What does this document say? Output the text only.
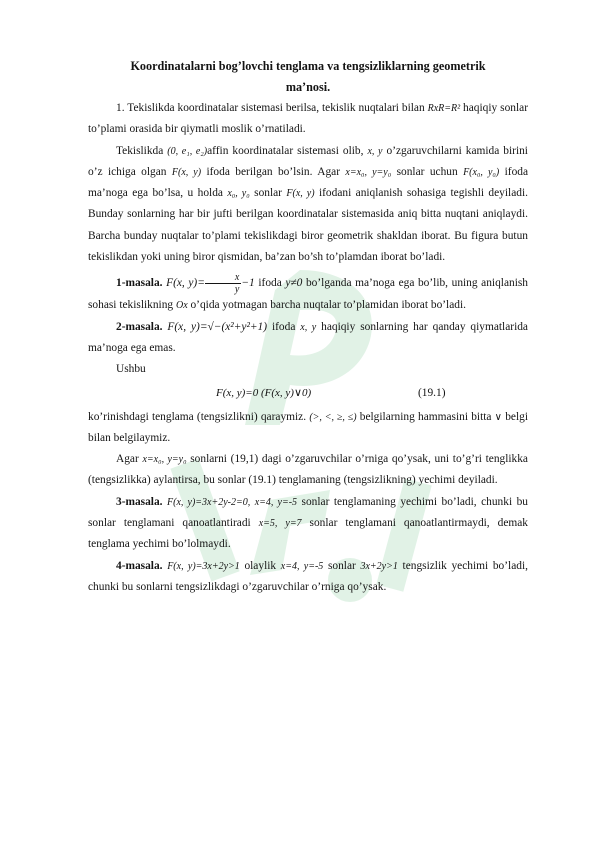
Koordinatalarni bog’lovchi tenglama va tengsizliklarning geometrik

ma’nosi.

1. Tekislikda koordinatalar sistemasi berilsa, tekislik nuqtalari bilan RxR=R² haqiqiy sonlar to’plami orasida bir qiymatli moslik o’rnatiladi.

Tekislikda (0, e₁, e₂)affin koordinatalar sistemasi olib, x, y o’zgaruvchilarni kamida birini o’z ichiga olgan F(x, y) ifoda berilgan bo’lsin. Agar x=x₀, y=y₀ sonlar uchun F(x₀, y₀) ifoda ma’noga ega bo’lsa, u holda x₀, y₀ sonlar F(x, y) ifodani aniqlanish sohasiga tegishli deyiladi. Bunday sonlarning har bir jufti berilgan koordinatalar sistemasida aniq bitta nuqtani aniqlaydi. Barcha bunday nuqtalar to’plami tekislikdagi biror geometrik shakldan iborat. Bu figura butun tekislikdan yoki uning biror qismidan, ba’zan bo’sh to’plamdan iborat bo’ladi.

1-masala. F(x, $y)= \frac{x}{y} -1$ ifoda y≠0 bo’lganda ma’noga ega bo’lib, uning aniqlanish sohasi tekislikning Ox o’qida yotmagan barcha nuqtalar to’plamidan iborat bo’ladi.

2-masala. F(x, y)=√−(x²+y²+1) ifoda x, y haqiqiy sonlarning har qanday qiymatlarida ma’noga ega emas.

Ushbu

F(x, y)=0 (F(x, y)∨0)	(19.1)

ko’rinishdagi tenglama (tengsizlikni) qaraymiz. (>, <, ≥, ≤) belgilarning hammasini bitta ∨ belgi bilan belgilaymiz.

Agar x=x₀, y=y₀ sonlarni (19,1) dagi o’zgaruvchilar o’rniga qo’ysak, uni to’g’ri tenglikka (tengsizlikka) aylantirsa, bu sonlar (19.1) tenglamaning (tengsizlikning) yechimi deyiladi.

3-masala. F(x, y)=3x+2y-2=0, x=4, y=-5 sonlar tenglamaning yechimi bo’ladi, chunki bu sonlar tenglamani qanoatlantiradi x=5, y=7 sonlar tenglamani qanoatlantirmaydi, demak tenglama yechimi bo’lolmaydi.

4-masala. F(x, y)=3x+2y>1 olaylik x=4, y=-5 sonlar 3x+2y>1 tengsizlik yechimi bo’ladi, chunki bu sonlarni tengsizlikdagi o’zgaruvchilar o’rniga qo’ysak.
